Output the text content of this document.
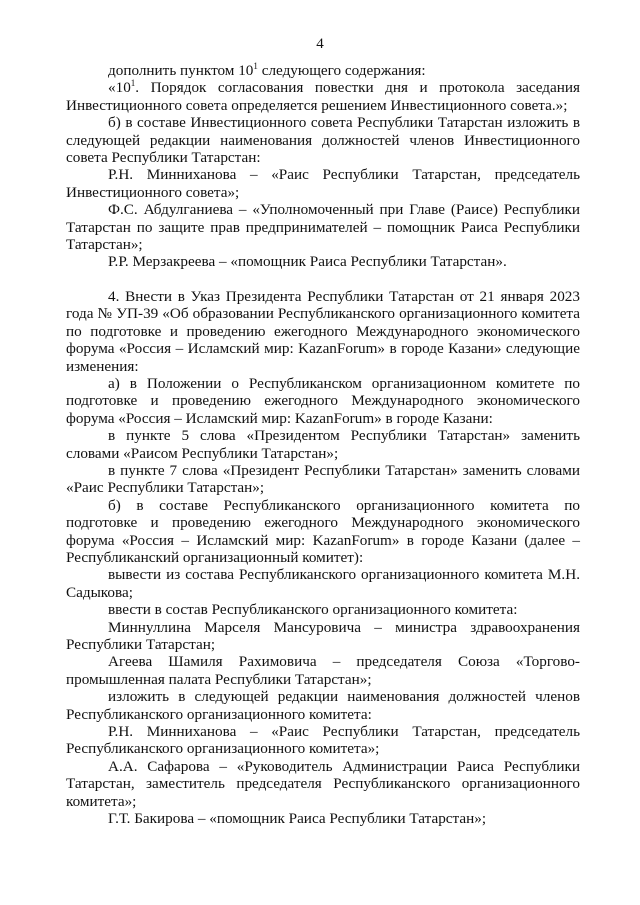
4

дополнить пунктом $10^1$ следующего содержания:

«$10^1$. Порядок согласования повестки дня и протокола заседания Инвестиционного совета определяется решением Инвестиционного совета.»;

б) в составе Инвестиционного совета Республики Татарстан изложить в следующей редакции наименования должностей членов Инвестиционного совета Республики Татарстан:

Р.Н. Минниханова – «Раис Республики Татарстан, председатель Инвестиционного совета»;

Ф.С. Абдулганиева – «Уполномоченный при Главе (Раисе) Республики Татарстан по защите прав предпринимателей – помощник Раиса Республики Татарстан»;

Р.Р. Мерзакреева – «помощник Раиса Республики Татарстан».

4. Внести в Указ Президента Республики Татарстан от 21 января 2023 года № УП-39 «Об образовании Республиканского организационного комитета по подготовке и проведению ежегодного Международного экономического форума «Россия – Исламский мир: KazanForum» в городе Казани» следующие изменения:

а) в Положении о Республиканском организационном комитете по подготовке и проведению ежегодного Международного экономического форума «Россия – Исламский мир: KazanForum» в городе Казани:

в пункте 5 слова «Президентом Республики Татарстан» заменить словами «Раисом Республики Татарстан»;

в пункте 7 слова «Президент Республики Татарстан» заменить словами «Раис Республики Татарстан»;

б) в составе Республиканского организационного комитета по подготовке и проведению ежегодного Международного экономического форума «Россия – Исламский мир: KazanForum» в городе Казани (далее – Республиканский организационный комитет):

вывести из состава Республиканского организационного комитета М.Н. Садыкова;

ввести в состав Республиканского организационного комитета:

Миннуллина Марселя Мансуровича – министра здравоохранения Республики Татарстан;

Агеева Шамиля Рахимовича – председателя Союза «Торгово-промышленная палата Республики Татарстан»;

изложить в следующей редакции наименования должностей членов Республиканского организационного комитета:

Р.Н. Минниханова – «Раис Республики Татарстан, председатель Республиканского организационного комитета»;

А.А. Сафарова – «Руководитель Администрации Раиса Республики Татарстан, заместитель председателя Республиканского организационного комитета»;

Г.Т. Бакирова – «помощник Раиса Республики Татарстан»;
